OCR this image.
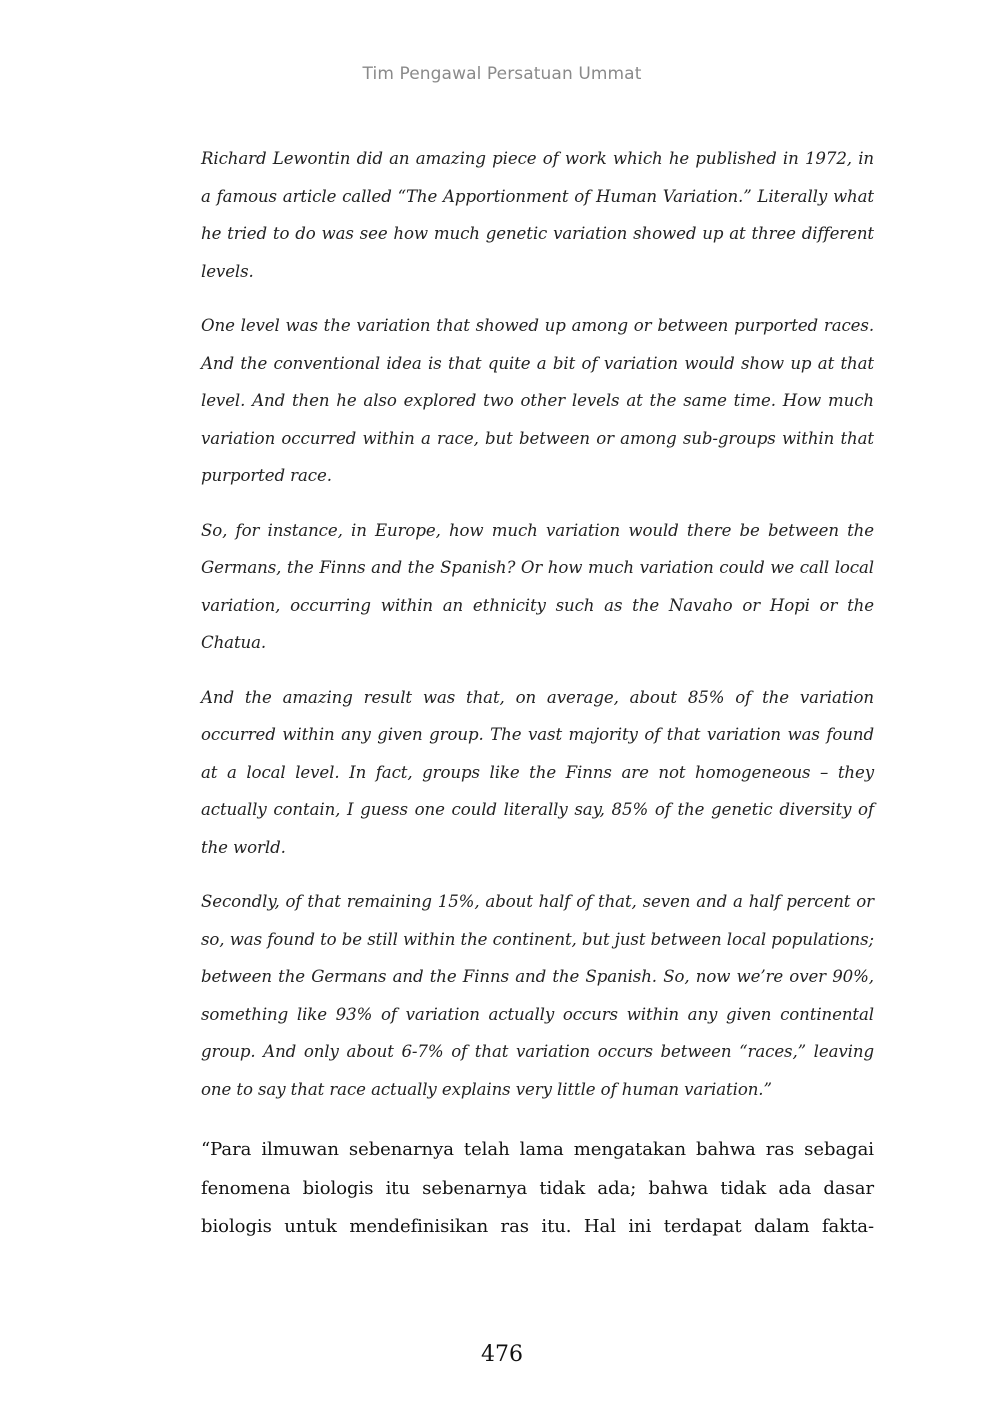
Tim Pengawal Persatuan Ummat

Richard Lewontin did an amazing piece of work which he published in 1972, in a famous article called “The Apportionment of Human Variation.” Literally what he tried to do was see how much genetic variation showed up at three different levels.

One level was the variation that showed up among or between purported races. And the conventional idea is that quite a bit of variation would show up at that level. And then he also explored two other levels at the same time. How much variation occurred within a race, but between or among sub-groups within that purported race.

So, for instance, in Europe, how much variation would there be between the Germans, the Finns and the Spanish? Or how much variation could we call local variation, occurring within an ethnicity such as the Navaho or Hopi or the Chatua.

And the amazing result was that, on average, about 85% of the variation occurred within any given group. The vast majority of that variation was found at a local level. In fact, groups like the Finns are not homogeneous – they actually contain, I guess one could literally say, 85% of the genetic diversity of the world.

Secondly, of that remaining 15%, about half of that, seven and a half percent or so, was found to be still within the continent, but just between local populations; between the Germans and the Finns and the Spanish. So, now we’re over 90%, something like 93% of variation actually occurs within any given continental group. And only about 6-7% of that variation occurs between “races,” leaving one to say that race actually explains very little of human variation.”

“Para ilmuwan sebenarnya telah lama mengatakan bahwa ras sebagai fenomena biologis itu sebenarnya tidak ada; bahwa tidak ada dasar biologis untuk mendefinisikan ras itu. Hal ini terdapat dalam fakta-

476
